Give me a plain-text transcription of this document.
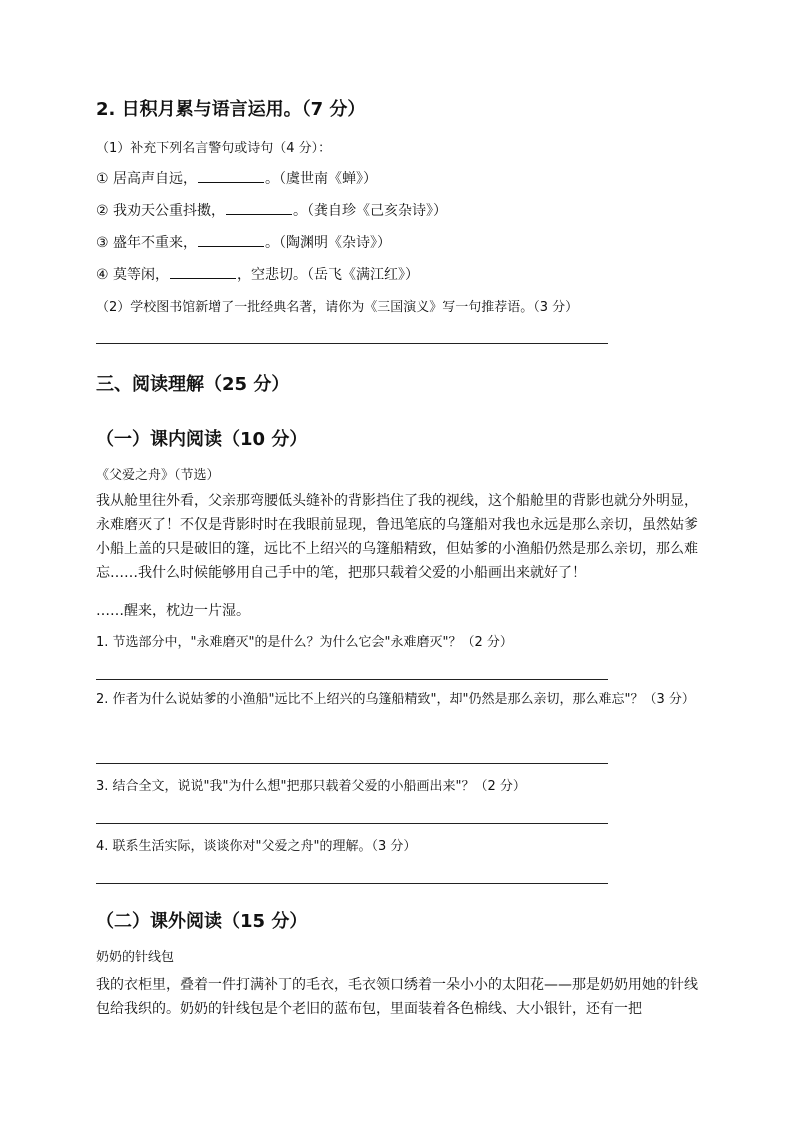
2. 日积月累与语言运用。（7 分）
（1）补充下列名言警句或诗句（4 分）：
① 居高声自远，	。（虞世南《蝉》）
② 我劝天公重抖擞，	。（龚自珍《己亥杂诗》）
③ 盛年不重来，	。（陶渊明《杂诗》）
④ 莫等闲，	，空悲切。（岳飞《满江红》）
（2）学校图书馆新增了一批经典名著，请你为《三国演义》写一句推荐语。（3 分）
三、阅读理解（25 分）
（一）课内阅读（10 分）
《父爱之舟》（节选）
我从舱里往外看，父亲那弯腰低头缝补的背影挡住了我的视线，这个船舱里的背影也就分外明显，永难磨灭了！不仅是背影时时在我眼前显现，鲁迅笔底的乌篷船对我也永远是那么亲切，虽然姑爹小船上盖的只是破旧的篷，远比不上绍兴的乌篷船精致，但姑爹的小渔船仍然是那么亲切，那么难忘……我什么时候能够用自己手中的笔，把那只载着父爱的小船画出来就好了！
……醒来，枕边一片湿。
1. 节选部分中，"永难磨灭"的是什么？为什么它会"永难磨灭"？（2 分）
2. 作者为什么说姑爹的小渔船"远比不上绍兴的乌篷船精致"，却"仍然是那么亲切，那么难忘"？（3 分）
3. 结合全文，说说"我"为什么想"把那只载着父爱的小船画出来"？（2 分）
4. 联系生活实际，谈谈你对"父爱之舟"的理解。（3 分）
（二）课外阅读（15 分）
奶奶的针线包
我的衣柜里，叠着一件打满补丁的毛衣，毛衣领口绣着一朵小小的太阳花——那是奶奶用她的针线包给我织的。奶奶的针线包是个老旧的蓝布包，里面装着各色棉线、大小银针，还有一把
